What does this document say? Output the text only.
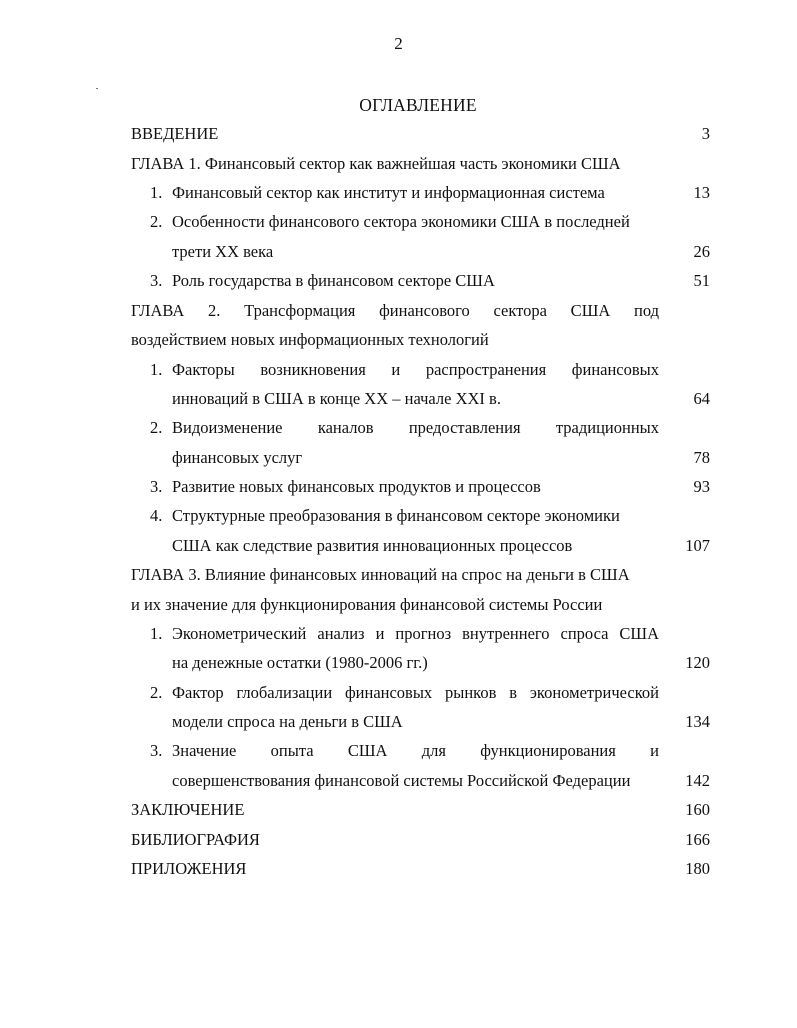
2
ОГЛАВЛЕНИЕ
ВВЕДЕНИЕ	3
ГЛАВА 1. Финансовый сектор как важнейшая часть экономики США
1. Финансовый сектор как институт и информационная система	13
2. Особенности финансового сектора экономики США в последней
трети XX века	26
3. Роль государства в финансовом секторе США	51
ГЛАВА 2. Трансформация финансового сектора США под
воздействием новых информационных технологий
1. Факторы возникновения и распространения финансовых
инноваций в США в конце XX – начале XXI в.	64
2. Видоизменение каналов предоставления традиционных
финансовых услуг	78
3. Развитие новых финансовых продуктов и процессов	93
4. Структурные преобразования в финансовом секторе экономики
США как следствие развития инновационных процессов	107
ГЛАВА 3. Влияние финансовых инноваций на спрос на деньги в США
и их значение для функционирования финансовой системы России
1. Эконометрический анализ и прогноз внутреннего спроса США
на денежные остатки (1980-2006 гг.)	120
2. Фактор глобализации финансовых рынков в эконометрической
модели спроса на деньги в США	134
3. Значение опыта США для функционирования и
совершенствования финансовой системы Российской Федерации	142
ЗАКЛЮЧЕНИЕ	160
БИБЛИОГРАФИЯ	166
ПРИЛОЖЕНИЯ	180
